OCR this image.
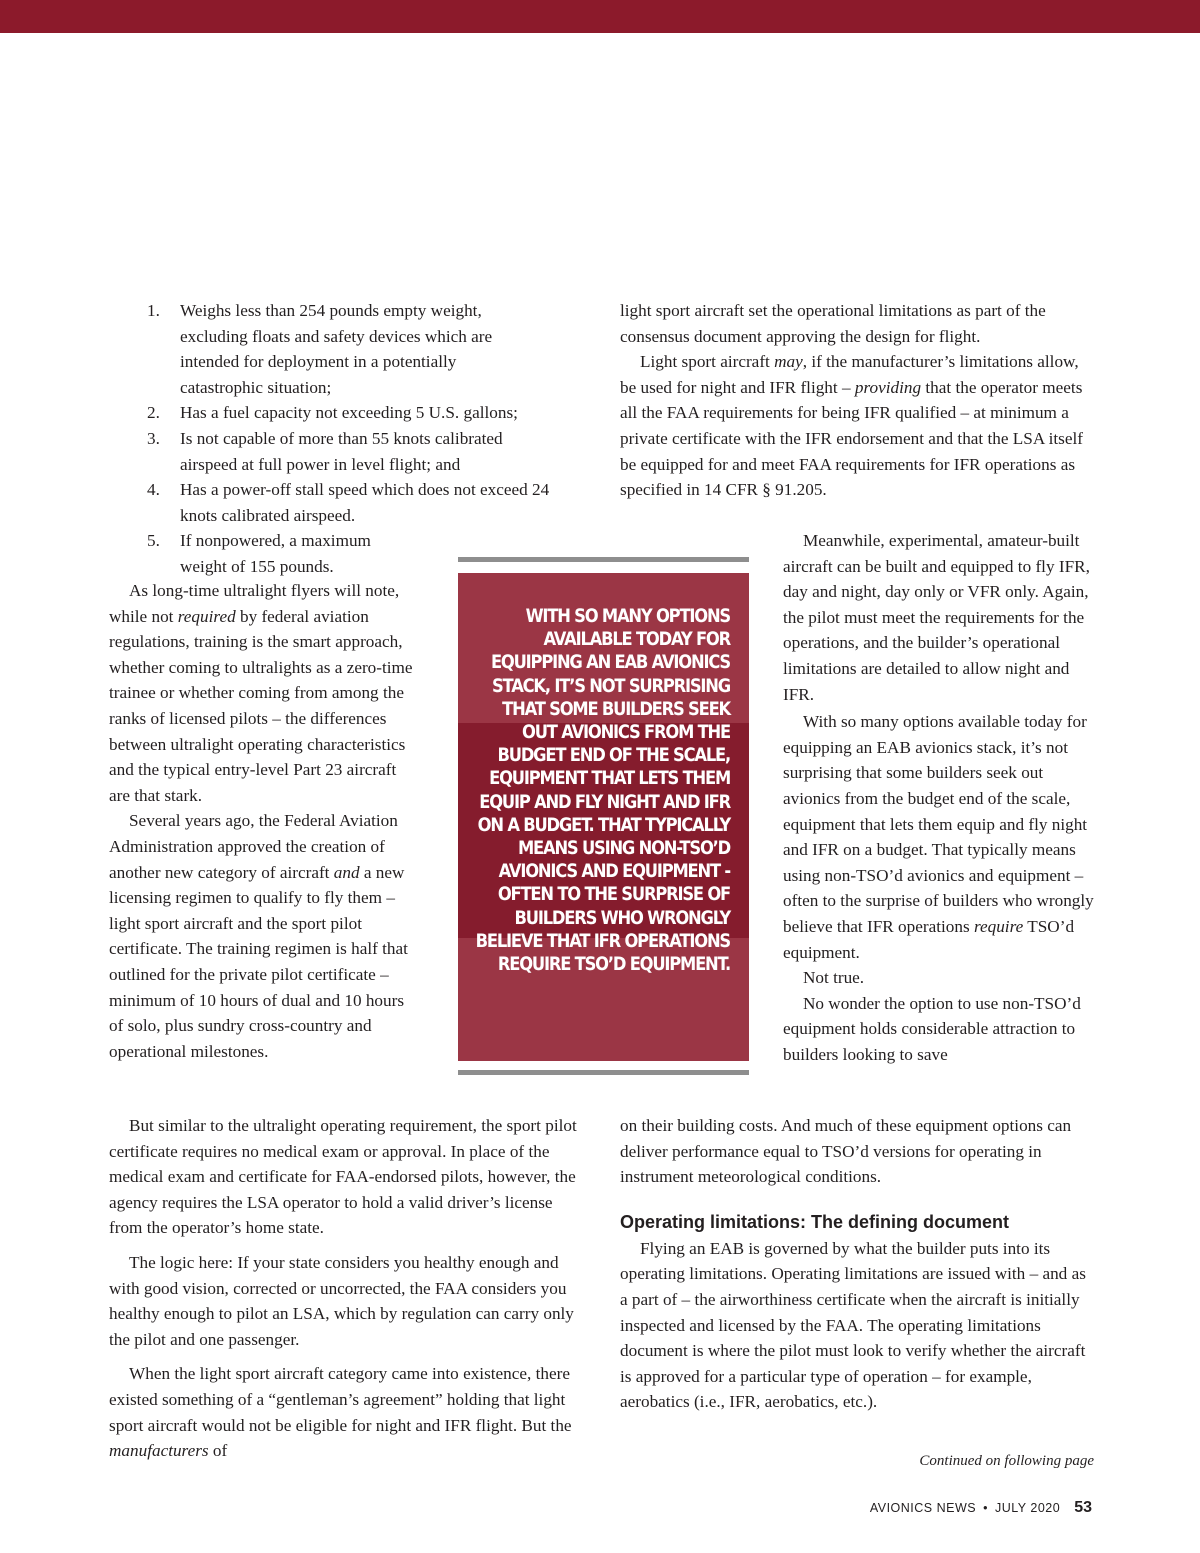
1. Weighs less than 254 pounds empty weight, excluding floats and safety devices which are intended for deployment in a potentially catastrophic situation;
2. Has a fuel capacity not exceeding 5 U.S. gallons;
3. Is not capable of more than 55 knots calibrated airspeed at full power in level flight; and
4. Has a power-off stall speed which does not exceed 24 knots calibrated airspeed.
5. If nonpowered, a maximum weight of 155 pounds.

As long-time ultralight flyers will note, while not required by federal aviation regulations, training is the smart approach, whether coming to ultralights as a zero-time trainee or whether coming from among the ranks of licensed pilots – the differences between ultralight operating characteristics and the typical entry-level Part 23 aircraft are that stark.

Several years ago, the Federal Aviation Administration approved the creation of another new category of aircraft and a new licensing regimen to qualify to fly them – light sport aircraft and the sport pilot certificate. The training regimen is half that outlined for the private pilot certificate – minimum of 10 hours of dual and 10 hours of solo, plus sundry cross-country and operational milestones.

But similar to the ultralight operating requirement, the sport pilot certificate requires no medical exam or approval. In place of the medical exam and certificate for FAA-endorsed pilots, however, the agency requires the LSA operator to hold a valid driver’s license from the operator’s home state.

The logic here: If your state considers you healthy enough and with good vision, corrected or uncorrected, the FAA considers you healthy enough to pilot an LSA, which by regulation can carry only the pilot and one passenger.

When the light sport aircraft category came into existence, there existed something of a “gentleman’s agreement” holding that light sport aircraft would not be eligible for night and IFR flight. But the manufacturers of

light sport aircraft set the operational limitations as part of the consensus document approving the design for flight.

Light sport aircraft may, if the manufacturer’s limitations allow, be used for night and IFR flight – providing that the operator meets all the FAA requirements for being IFR qualified – at minimum a private certificate with the IFR endorsement and that the LSA itself be equipped for and meet FAA requirements for IFR operations as specified in 14 CFR § 91.205.

Meanwhile, experimental, amateur-built aircraft can be built and equipped to fly IFR, day and night, day only or VFR only. Again, the pilot must meet the requirements for the operations, and the builder’s operational limitations are detailed to allow night and IFR.

With so many options available today for equipping an EAB avionics stack, it’s not surprising that some builders seek out avionics from the budget end of the scale, equipment that lets them equip and fly night and IFR on a budget. That typically means using non-TSO’d avionics and equipment – often to the surprise of builders who wrongly believe that IFR operations require TSO’d equipment.

Not true.

No wonder the option to use non-TSO’d equipment holds considerable attraction to builders looking to save

on their building costs. And much of these equipment options can deliver performance equal to TSO’d versions for operating in instrument meteorological conditions.

Operating limitations: The defining document

Flying an EAB is governed by what the builder puts into its operating limitations. Operating limitations are issued with – and as a part of – the airworthiness certificate when the aircraft is initially inspected and licensed by the FAA. The operating limitations document is where the pilot must look to verify whether the aircraft is approved for a particular type of operation – for example, aerobatics (i.e., IFR, aerobatics, etc.).

WITH SO MANY OPTIONS AVAILABLE TODAY FOR EQUIPPING AN EAB AVIONICS STACK, IT’S NOT SURPRISING THAT SOME BUILDERS SEEK OUT AVIONICS FROM THE BUDGET END OF THE SCALE, EQUIPMENT THAT LETS THEM EQUIP AND FLY NIGHT AND IFR ON A BUDGET. THAT TYPICALLY MEANS USING NON-TSO’D AVIONICS AND EQUIPMENT - OFTEN TO THE SURPRISE OF BUILDERS WHO WRONGLY BELIEVE THAT IFR OPERATIONS REQUIRE TSO’D EQUIPMENT.
Continued on following page
AVIONICS NEWS • JULY 2020 53
